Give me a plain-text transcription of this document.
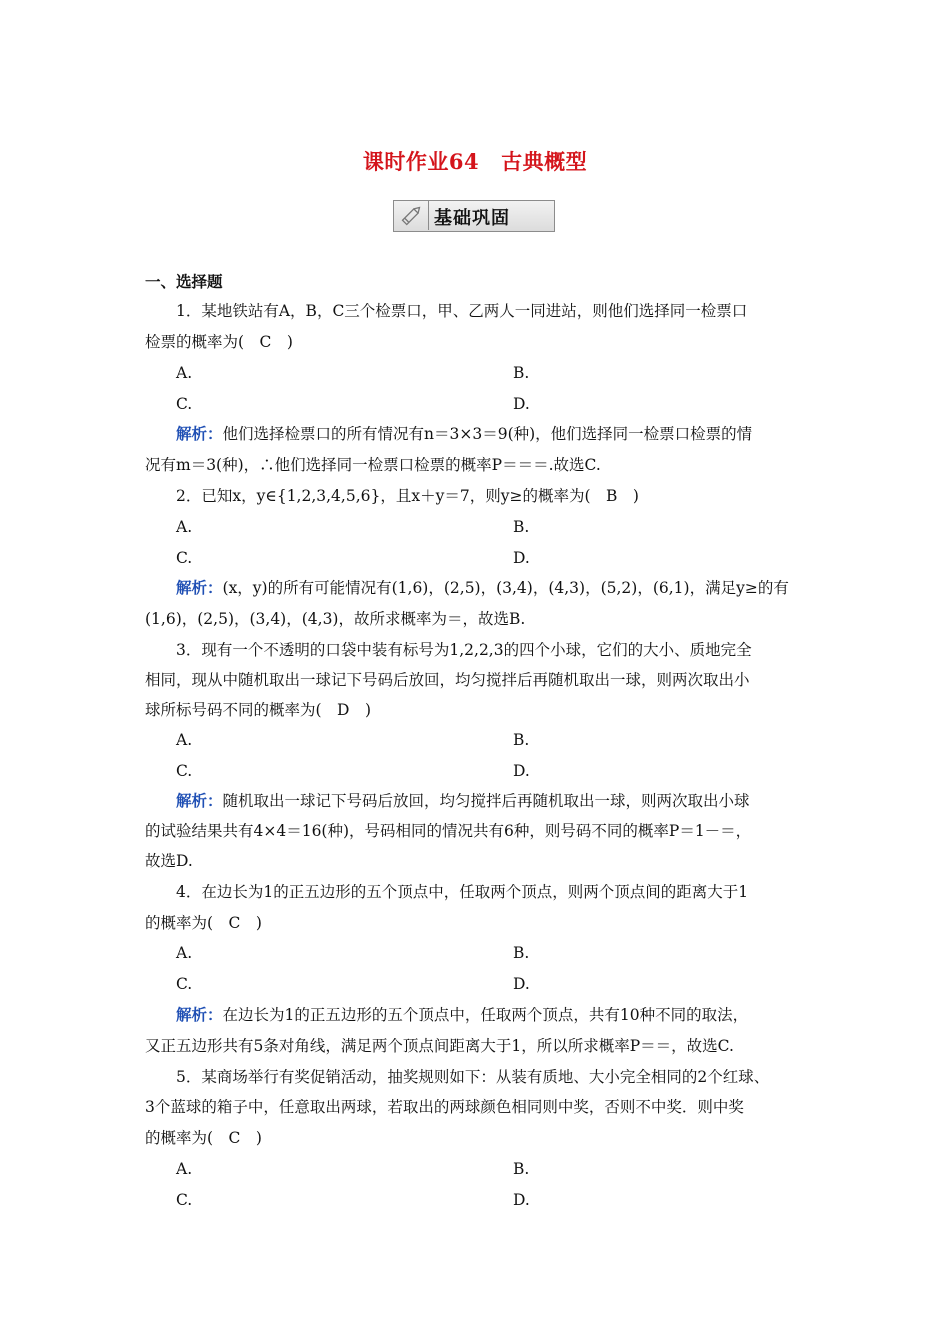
课时作业64 古典概型
基础巩固
一、选择题
1．某地铁站有A，B，C三个检票口，甲、乙两人一同进站，则他们选择同一检票口
检票的概率为(　C　)
A.	B.
C.	D.
解析：他们选择检票口的所有情况有n＝3×3＝9(种)，他们选择同一检票口检票的情
况有m＝3(种)，∴他们选择同一检票口检票的概率P＝＝＝.故选C.
2．已知x，y∈{1,2,3,4,5,6}，且x＋y＝7，则y≥的概率为(　B　)
A.	B.
C.	D.
解析：(x，y)的所有可能情况有(1,6)，(2,5)，(3,4)，(4,3)，(5,2)，(6,1)，满足y≥的有
(1,6)，(2,5)，(3,4)，(4,3)，故所求概率为＝，故选B.
3．现有一个不透明的口袋中装有标号为1,2,2,3的四个小球，它们的大小、质地完全
相同，现从中随机取出一球记下号码后放回，均匀搅拌后再随机取出一球，则两次取出小
球所标号码不同的概率为(　D　)
A.	B.
C.	D.
解析：随机取出一球记下号码后放回，均匀搅拌后再随机取出一球，则两次取出小球
的试验结果共有4×4＝16(种)，号码相同的情况共有6种，则号码不同的概率P＝1－＝，
故选D.
4．在边长为1的正五边形的五个顶点中，任取两个顶点，则两个顶点间的距离大于1
的概率为(　C　)
A.	B.
C.	D.
解析：在边长为1的正五边形的五个顶点中，任取两个顶点，共有10种不同的取法，
又正五边形共有5条对角线，满足两个顶点间距离大于1，所以所求概率P＝＝，故选C.
5．某商场举行有奖促销活动，抽奖规则如下：从装有质地、大小完全相同的2个红球、
3个蓝球的箱子中，任意取出两球，若取出的两球颜色相同则中奖，否则不中奖．则中奖
的概率为(　C　)
A.	B.
C.	D.
